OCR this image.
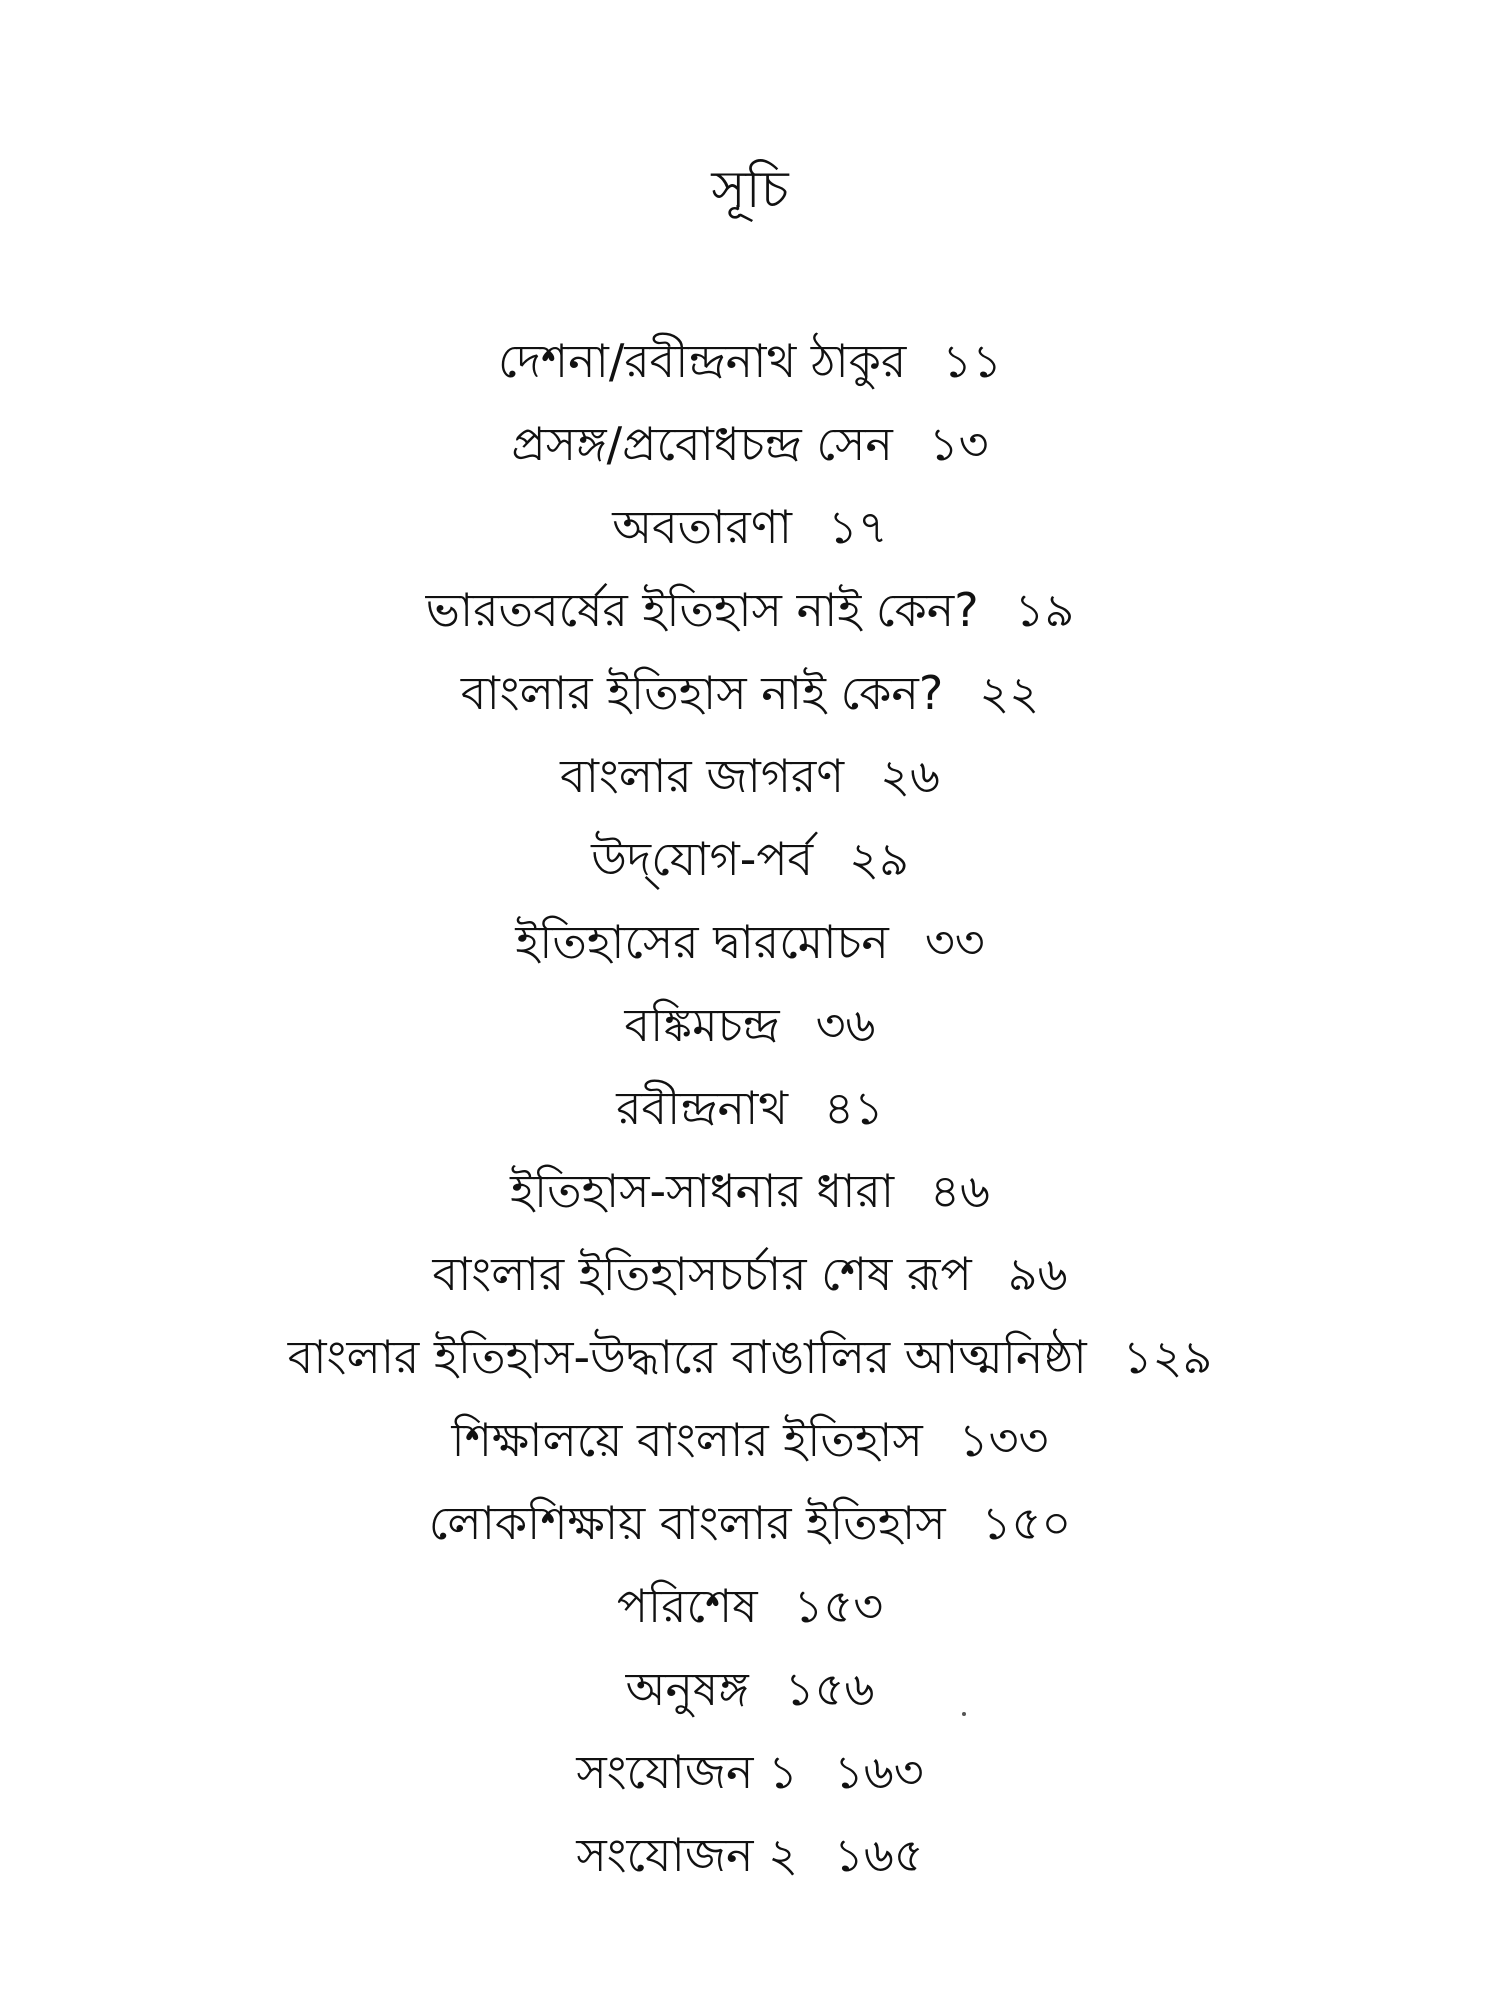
সূচি
দেশনা/রবীন্দ্রনাথ ঠাকুর ১১
প্রসঙ্গ/প্রবোধচন্দ্র সেন ১৩
অবতারণা ১৭
ভারতবর্ষের ইতিহাস নাই কেন? ১৯
বাংলার ইতিহাস নাই কেন? ২২
বাংলার জাগরণ ২৬
উদ্‌যোগ-পর্ব ২৯
ইতিহাসের দ্বারমোচন ৩৩
বঙ্কিমচন্দ্র ৩৬
রবীন্দ্রনাথ ৪১
ইতিহাস-সাধনার ধারা ৪৬
বাংলার ইতিহাসচর্চার শেষ রূপ ৯৬
বাংলার ইতিহাস-উদ্ধারে বাঙালির আত্মনিষ্ঠা ১২৯
শিক্ষালয়ে বাংলার ইতিহাস ১৩৩
লোকশিক্ষায় বাংলার ইতিহাস ১৫০
পরিশেষ ১৫৩
অনুষঙ্গ ১৫৬
সংযোজন ১ ১৬৩
সংযোজন ২ ১৬৫
